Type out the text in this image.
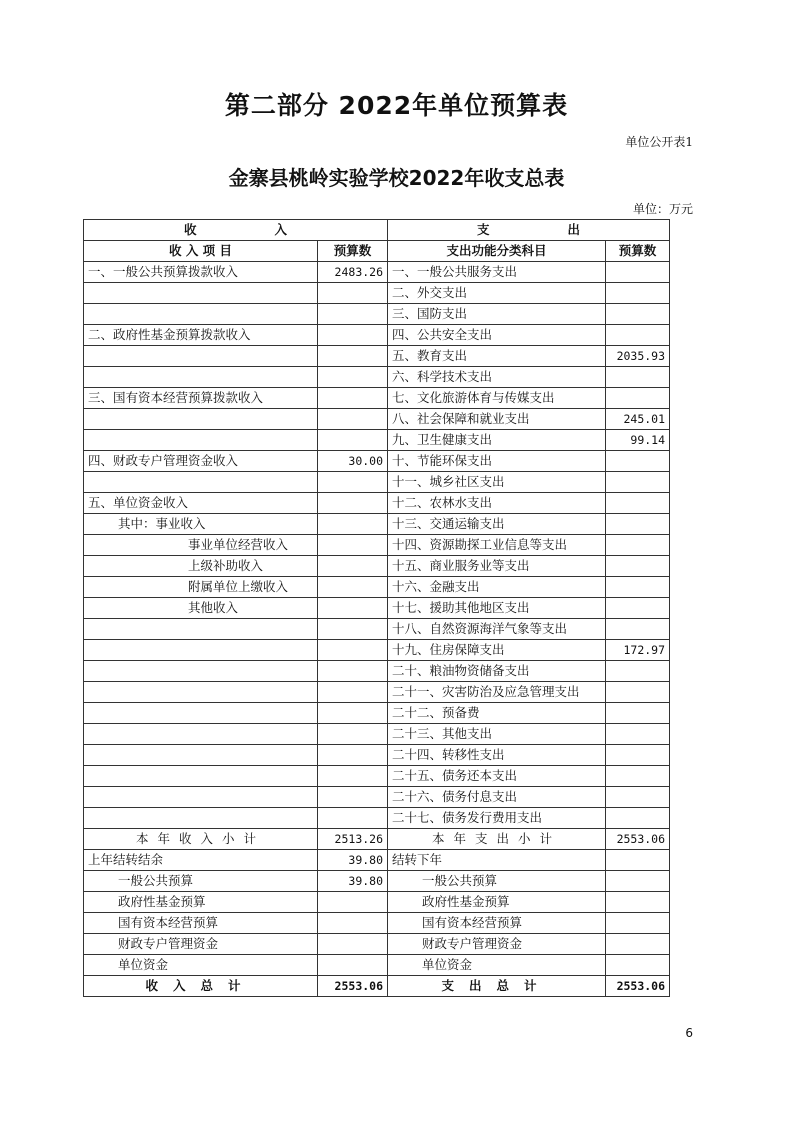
第二部分 2022年单位预算表
单位公开表1
金寨县桃岭实验学校2022年收支总表
单位：万元
收入		支出	
收 入 项 目	预算数	支出功能分类科目	预算数
一、一般公共预算拨款收入	2483.26	一、一般公共服务支出	
		二、外交支出	
		三、国防支出	
二、政府性基金预算拨款收入		四、公共安全支出	
		五、教育支出	2035.93
		六、科学技术支出	
三、国有资本经营预算拨款收入		七、文化旅游体育与传媒支出	
		八、社会保障和就业支出	245.01
		九、卫生健康支出	99.14
四、财政专户管理资金收入	30.00	十、节能环保支出	
		十一、城乡社区支出	
五、单位资金收入		十二、农林水支出	
其中：事业收入		十三、交通运输支出	
事业单位经营收入		十四、资源勘探工业信息等支出	
上级补助收入		十五、商业服务业等支出	
附属单位上缴收入		十六、金融支出	
其他收入		十七、援助其他地区支出	
		十八、自然资源海洋气象等支出	
		十九、住房保障支出	172.97
		二十、粮油物资储备支出	
		二十一、灾害防治及应急管理支出	
		二十二、预备费	
		二十三、其他支出	
		二十四、转移性支出	
		二十五、债务还本支出	
		二十六、债务付息支出	
		二十七、债务发行费用支出	
本年收入小计	2513.26	本年支出小计	2553.06
上年结转结余	39.80	结转下年	
一般公共预算	39.80	一般公共预算	
政府性基金预算		政府性基金预算	
国有资本经营预算		国有资本经营预算	
财政专户管理资金		财政专户管理资金	
单位资金		单位资金	
收入总计	2553.06	支出总计	2553.06
6
